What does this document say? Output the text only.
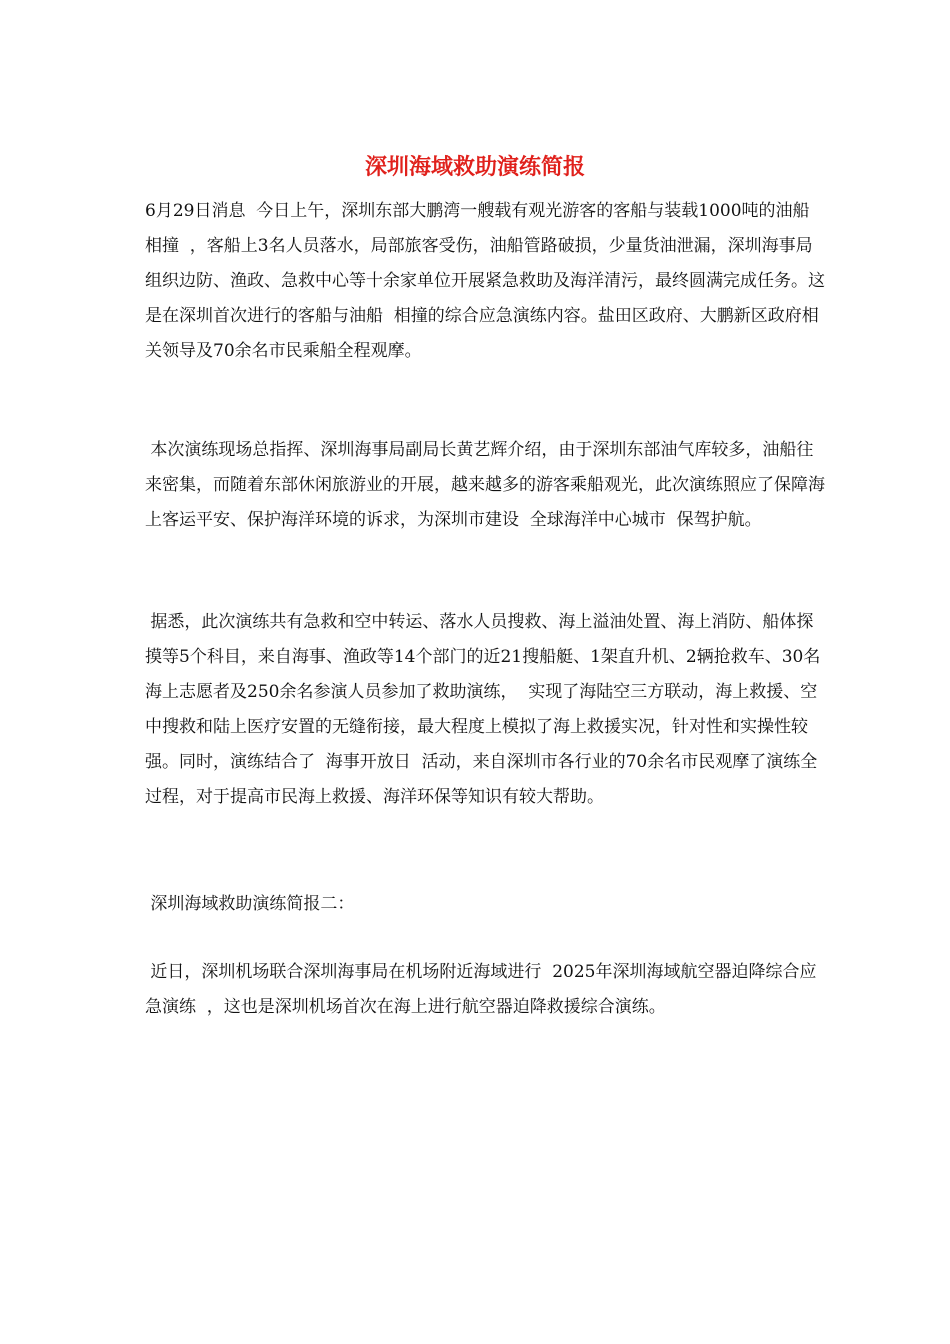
深圳海域救助演练简报

6月29日消息  今日上午，深圳东部大鹏湾一艘载有观光游客的客船与装载1000吨的油船  相撞  ，客船上3名人员落水，局部旅客受伤，油船管路破损，少量货油泄漏，深圳海事局组织边防、渔政、急救中心等十余家单位开展紧急救助及海洋清污，最终圆满完成任务。这是在深圳首次进行的客船与油船  相撞的综合应急演练内容。盐田区政府、大鹏新区政府相关领导及70余名市民乘船全程观摩。

本次演练现场总指挥、深圳海事局副局长黄艺辉介绍，由于深圳东部油气库较多，油船往来密集，而随着东部休闲旅游业的开展，越来越多的游客乘船观光，此次演练照应了保障海上客运平安、保护海洋环境的诉求，为深圳市建设  全球海洋中心城市  保驾护航。

据悉，此次演练共有急救和空中转运、落水人员搜救、海上溢油处置、海上消防、船体探摸等5个科目，来自海事、渔政等14个部门的近21搜船艇、1架直升机、2辆抢救车、30名海上志愿者及250余名参演人员参加了救助演练，  实现了海陆空三方联动，海上救援、空中搜救和陆上医疗安置的无缝衔接，最大程度上模拟了海上救援实况，针对性和实操性较强。同时，演练结合了  海事开放日  活动，来自深圳市各行业的70余名市民观摩了演练全过程，对于提高市民海上救援、海洋环保等知识有较大帮助。

深圳海域救助演练简报二：

近日，深圳机场联合深圳海事局在机场附近海域进行  2025年深圳海域航空器迫降综合应急演练  ，这也是深圳机场首次在海上进行航空器迫降救援综合演练。
